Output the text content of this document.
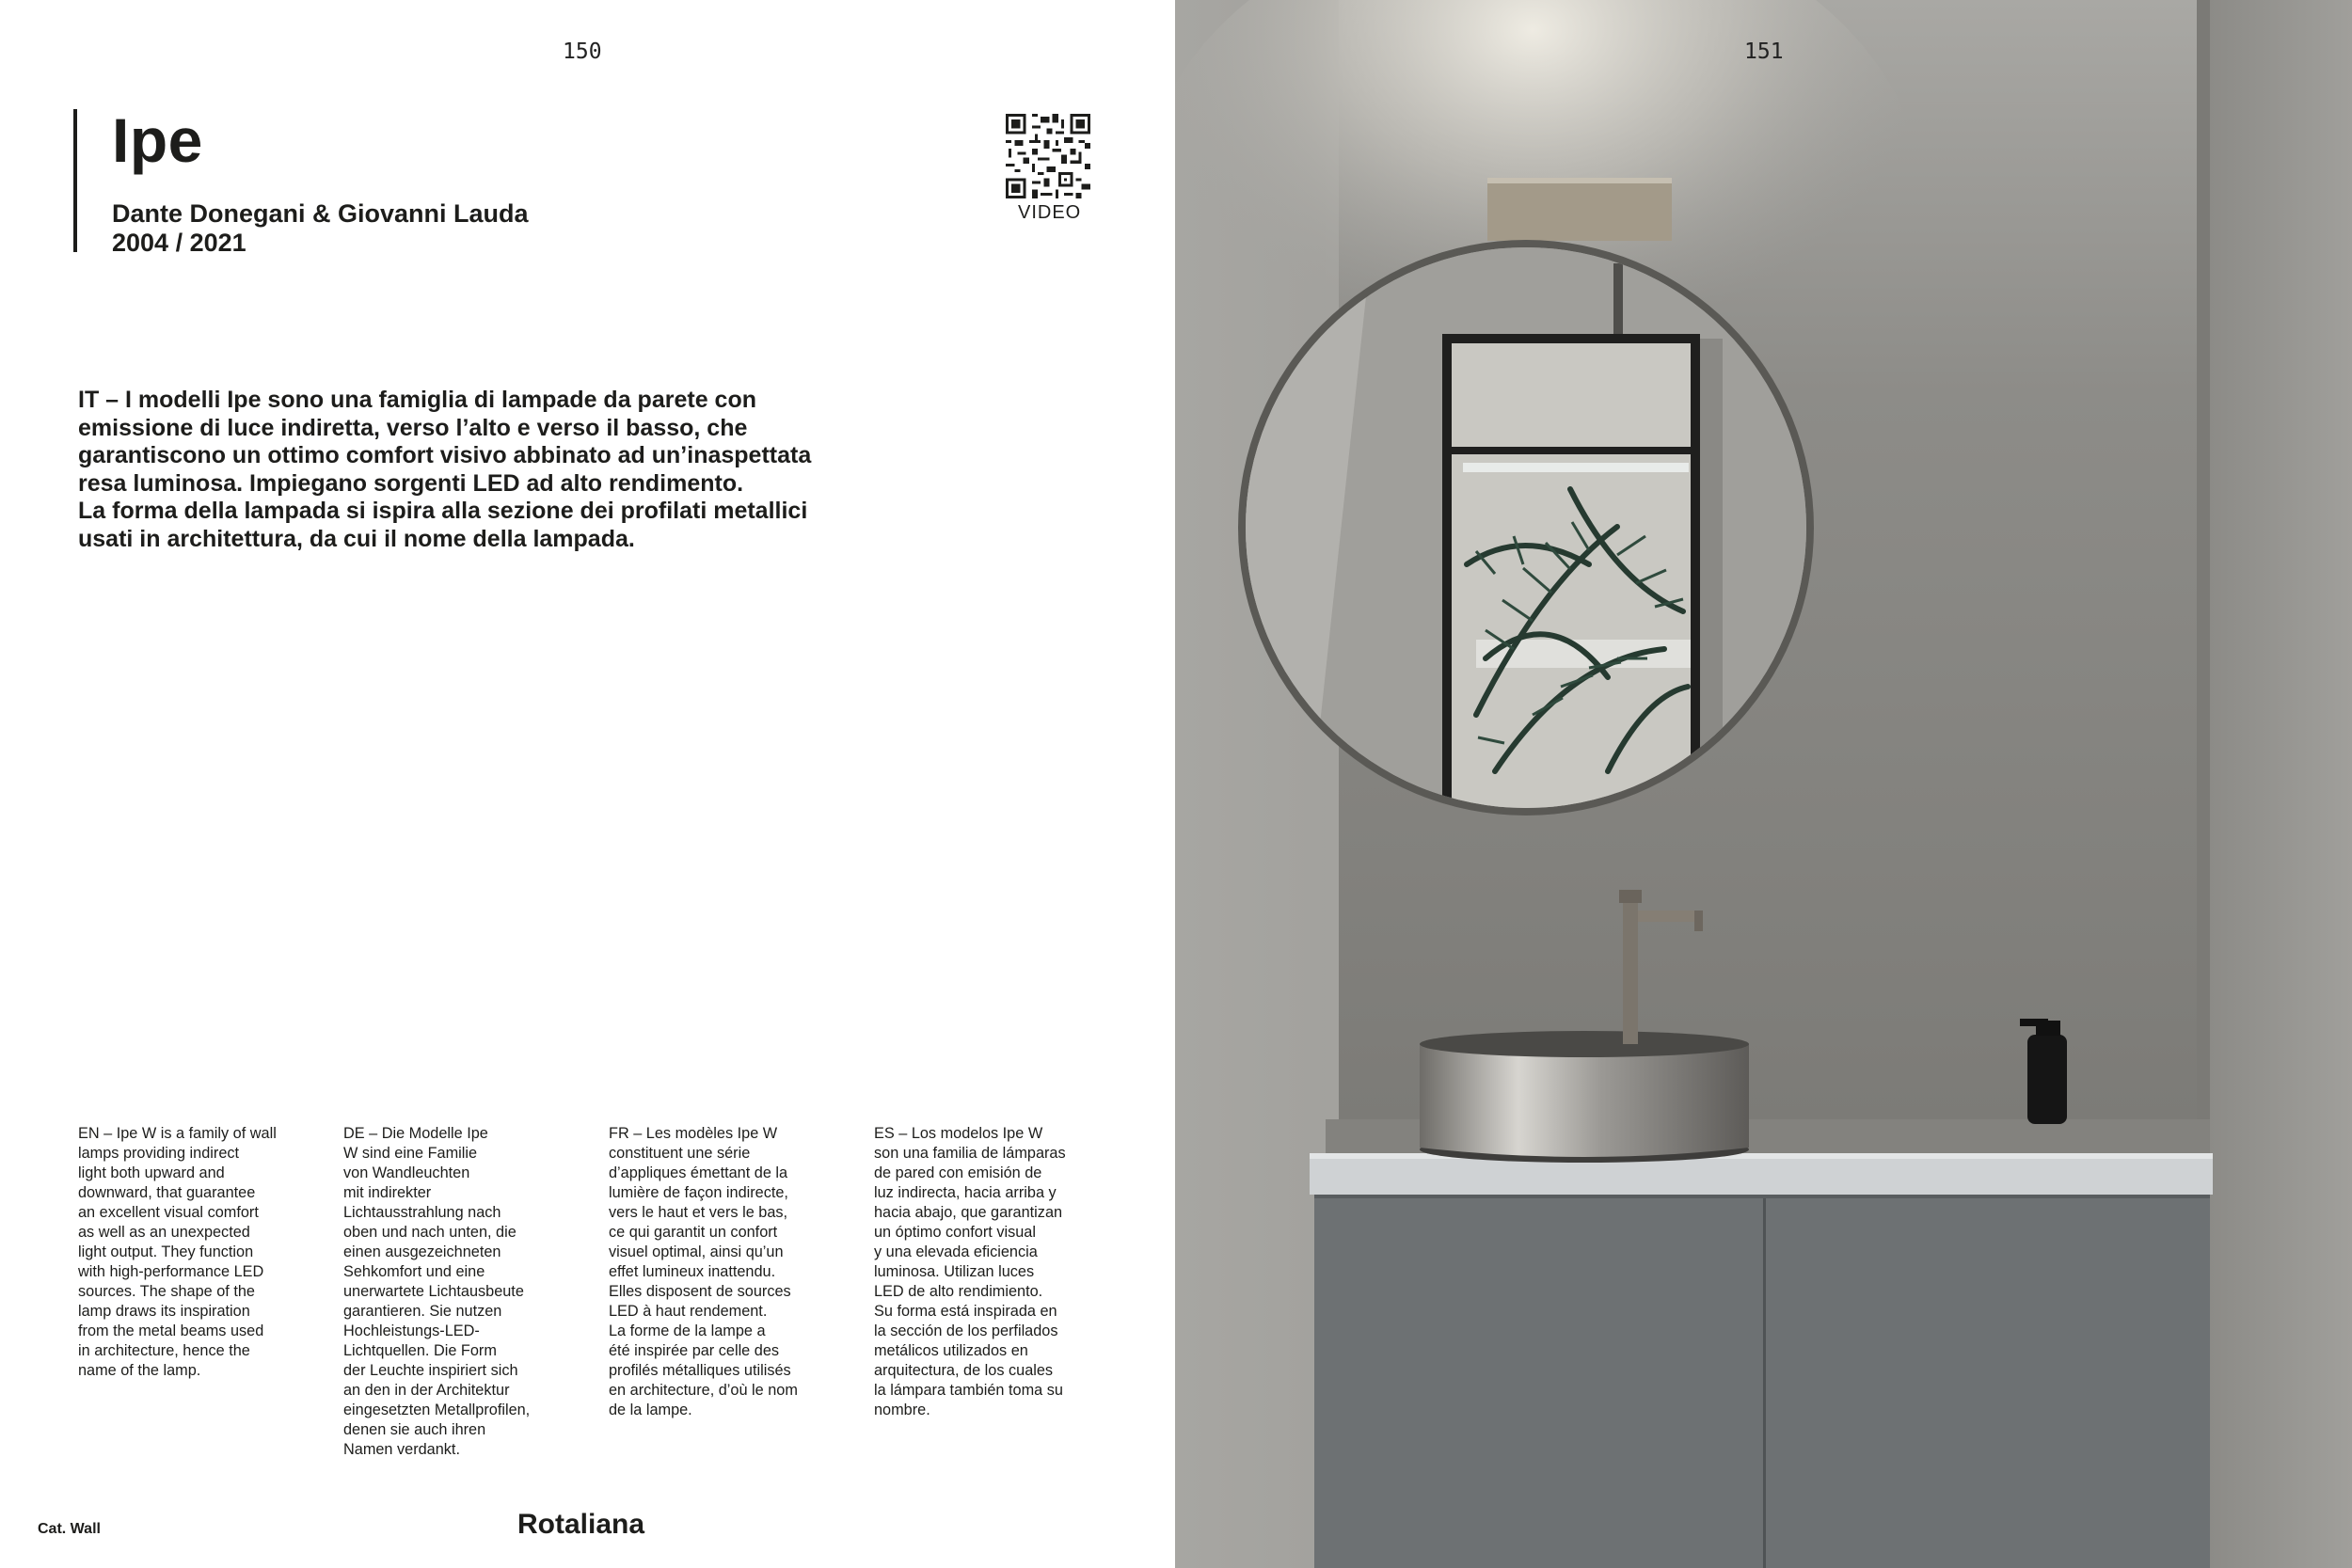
150
Ipe
Dante Donegani & Giovanni Lauda
2004 / 2021
VIDEO

IT – I modelli Ipe sono una famiglia di lampade da parete con

emissione di luce indiretta, verso l’alto e verso il basso, che

garantiscono un ottimo comfort visivo abbinato ad un’inaspettata

resa luminosa. Impiegano sorgenti LED ad alto rendimento.

La forma della lampada si ispira alla sezione dei profilati metallici

usati in architettura, da cui il nome della lampada.

EN – Ipe W is a family of wall
lamps providing indirect
light both upward and
downward, that guarantee
an excellent visual comfort
as well as an unexpected
light output. They function
with high-performance LED
sources. The shape of the
lamp draws its inspiration
from the metal beams used
in architecture, hence the
name of the lamp.
DE – Die Modelle Ipe
W sind eine Familie
von Wandleuchten
mit indirekter
Lichtausstrahlung nach
oben und nach unten, die
einen ausgezeichneten
Sehkomfort und eine
unerwartete Lichtausbeute
garantieren. Sie nutzen
Hochleistungs-LED-
Lichtquellen. Die Form
der Leuchte inspiriert sich
an den in der Architektur
eingesetzten Metallprofilen,
denen sie auch ihren
Namen verdankt.
FR – Les modèles Ipe W
constituent une série
d’appliques émettant de la
lumière de façon indirecte,
vers le haut et vers le bas,
ce qui garantit un confort
visuel optimal, ainsi qu’un
effet lumineux inattendu.
Elles disposent de sources
LED à haut rendement.
La forme de la lampe a
été inspirée par celle des
profilés métalliques utilisés
en architecture, d’où le nom
de la lampe.
ES – Los modelos Ipe W
son una familia de lámparas
de pared con emisión de
luz indirecta, hacia arriba y
hacia abajo, que garantizan
un óptimo confort visual
y una elevada eficiencia
luminosa. Utilizan luces
LED de alto rendimiento.
Su forma está inspirada en
la sección de los perfilados
metálicos utilizados en
arquitectura, de los cuales
la lámpara también toma su
nombre.
Cat. Wall	Rotaliana
151
